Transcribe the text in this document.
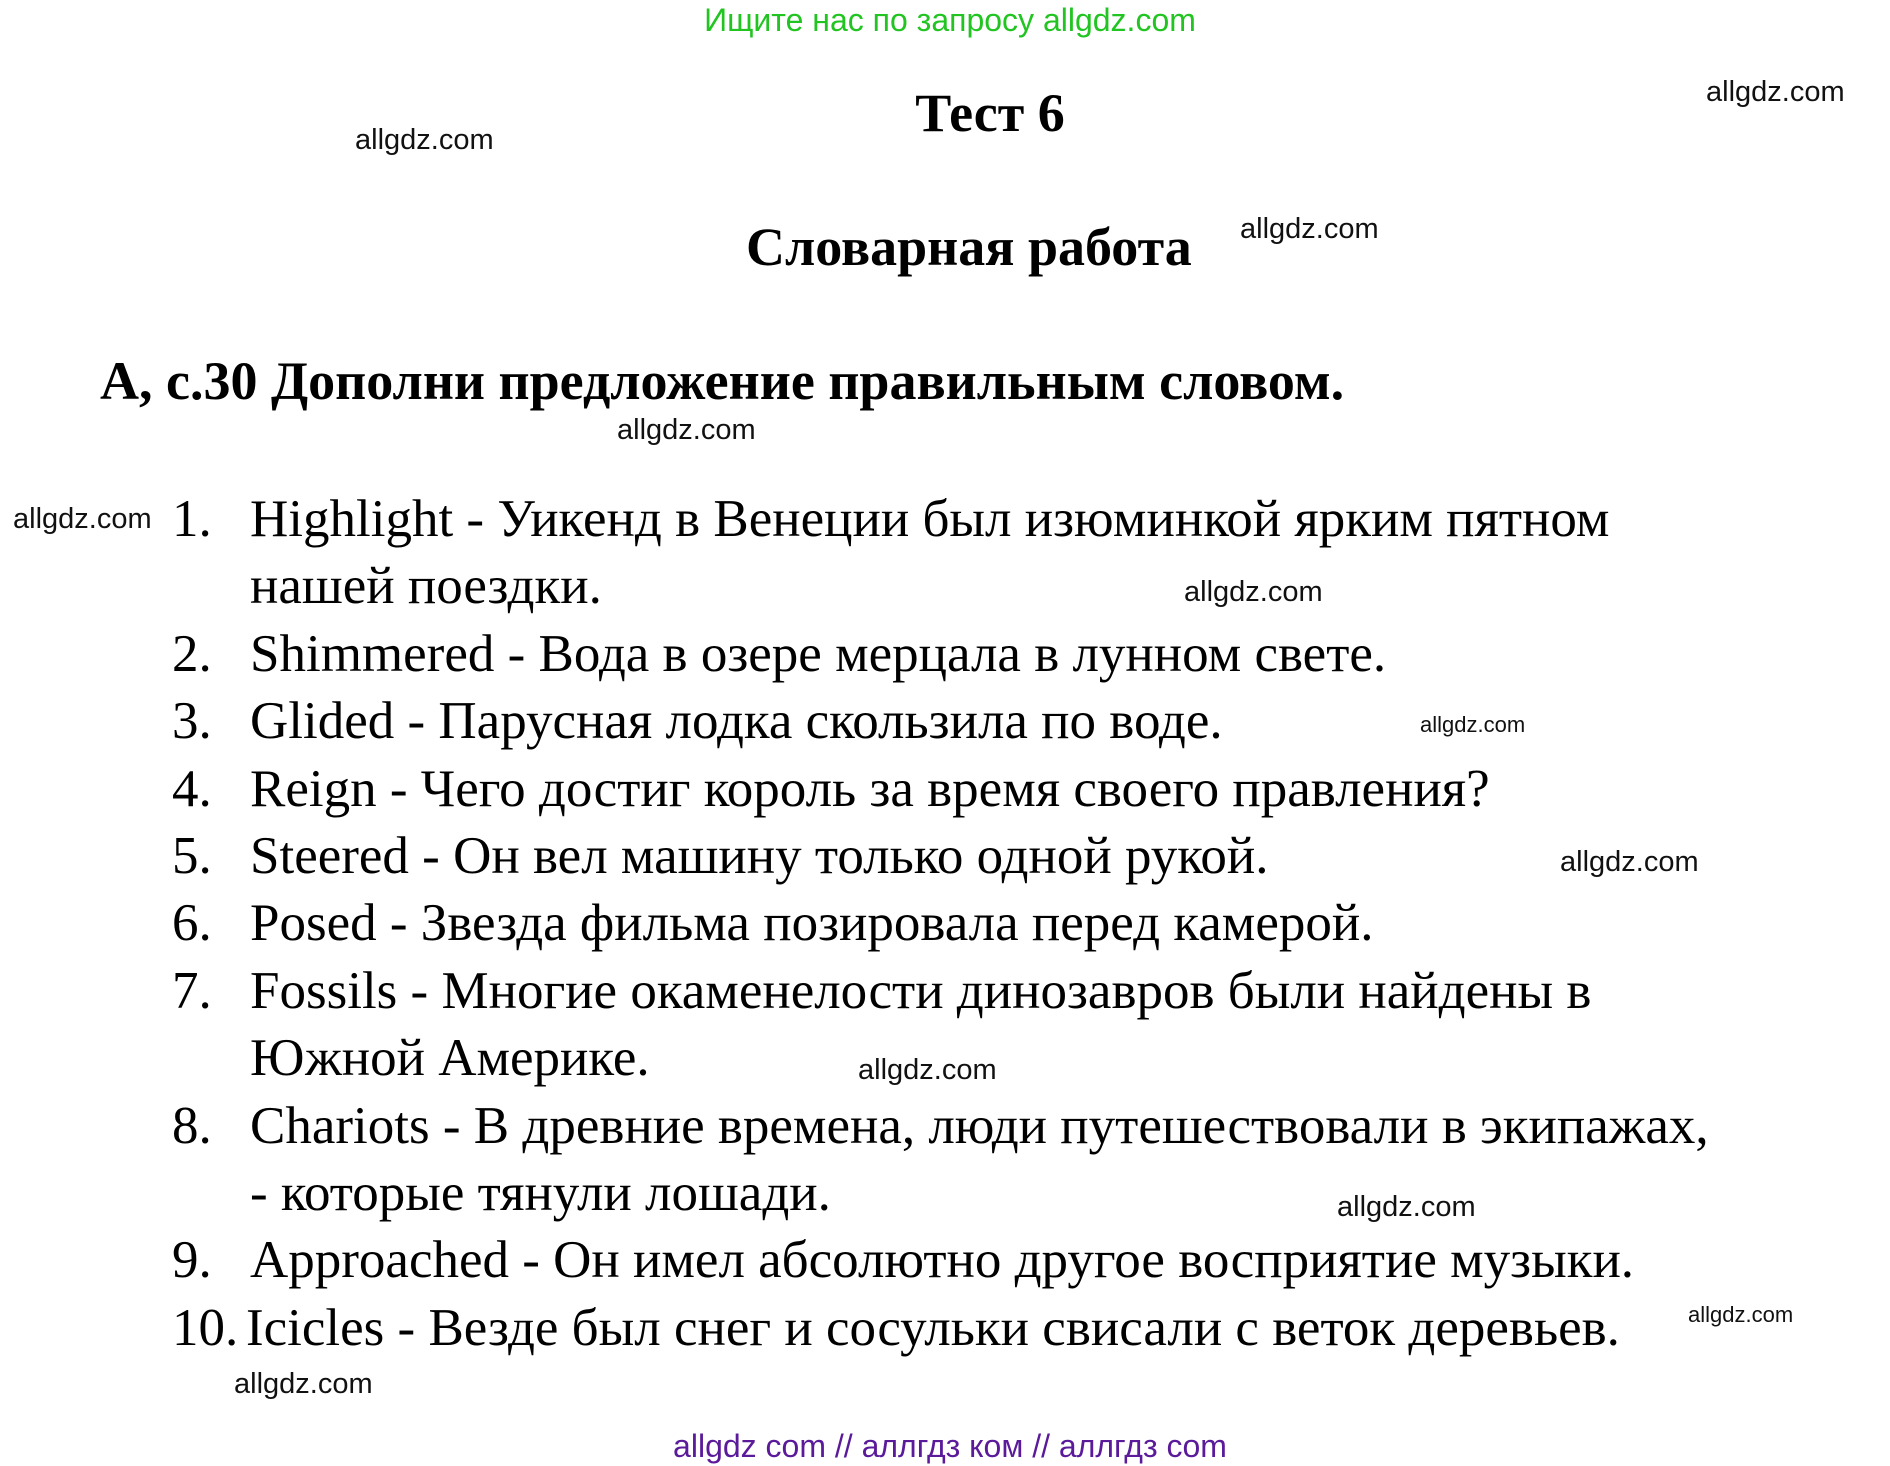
Ищите нас по запросу allgdz.com
Тест 6
Словарная работа
А, с.30 Дополни предложение правильным словом.
1. Highlight - Уикенд в Венеции был изюминкой ярким пятном
нашей поездки.
2. Shimmered - Вода в озере мерцала в лунном свете.
3. Glided - Парусная лодка скользила по воде.
4. Reign - Чего достиг король за время своего правления?
5. Steered - Он вел машину только одной рукой.
6. Posed - Звезда фильма позировала перед камерой.
7. Fossils - Многие окаменелости динозавров были найдены в
Южной Америке.
8. Chariots - В древние времена, люди путешествовали в экипажах,
- которые тянули лошади.
9. Approached - Он имел абсолютно другое восприятие музыки.
10. Icicles - Везде был снег и сосульки свисали с веток деревьев.
allgdz.com
allgdz.com
allgdz.com
allgdz.com
allgdz.com
allgdz.com
allgdz.com
allgdz.com
allgdz.com
allgdz.com
allgdz.com
allgdz.com
allgdz com // аллгдз ком // аллгдз com
